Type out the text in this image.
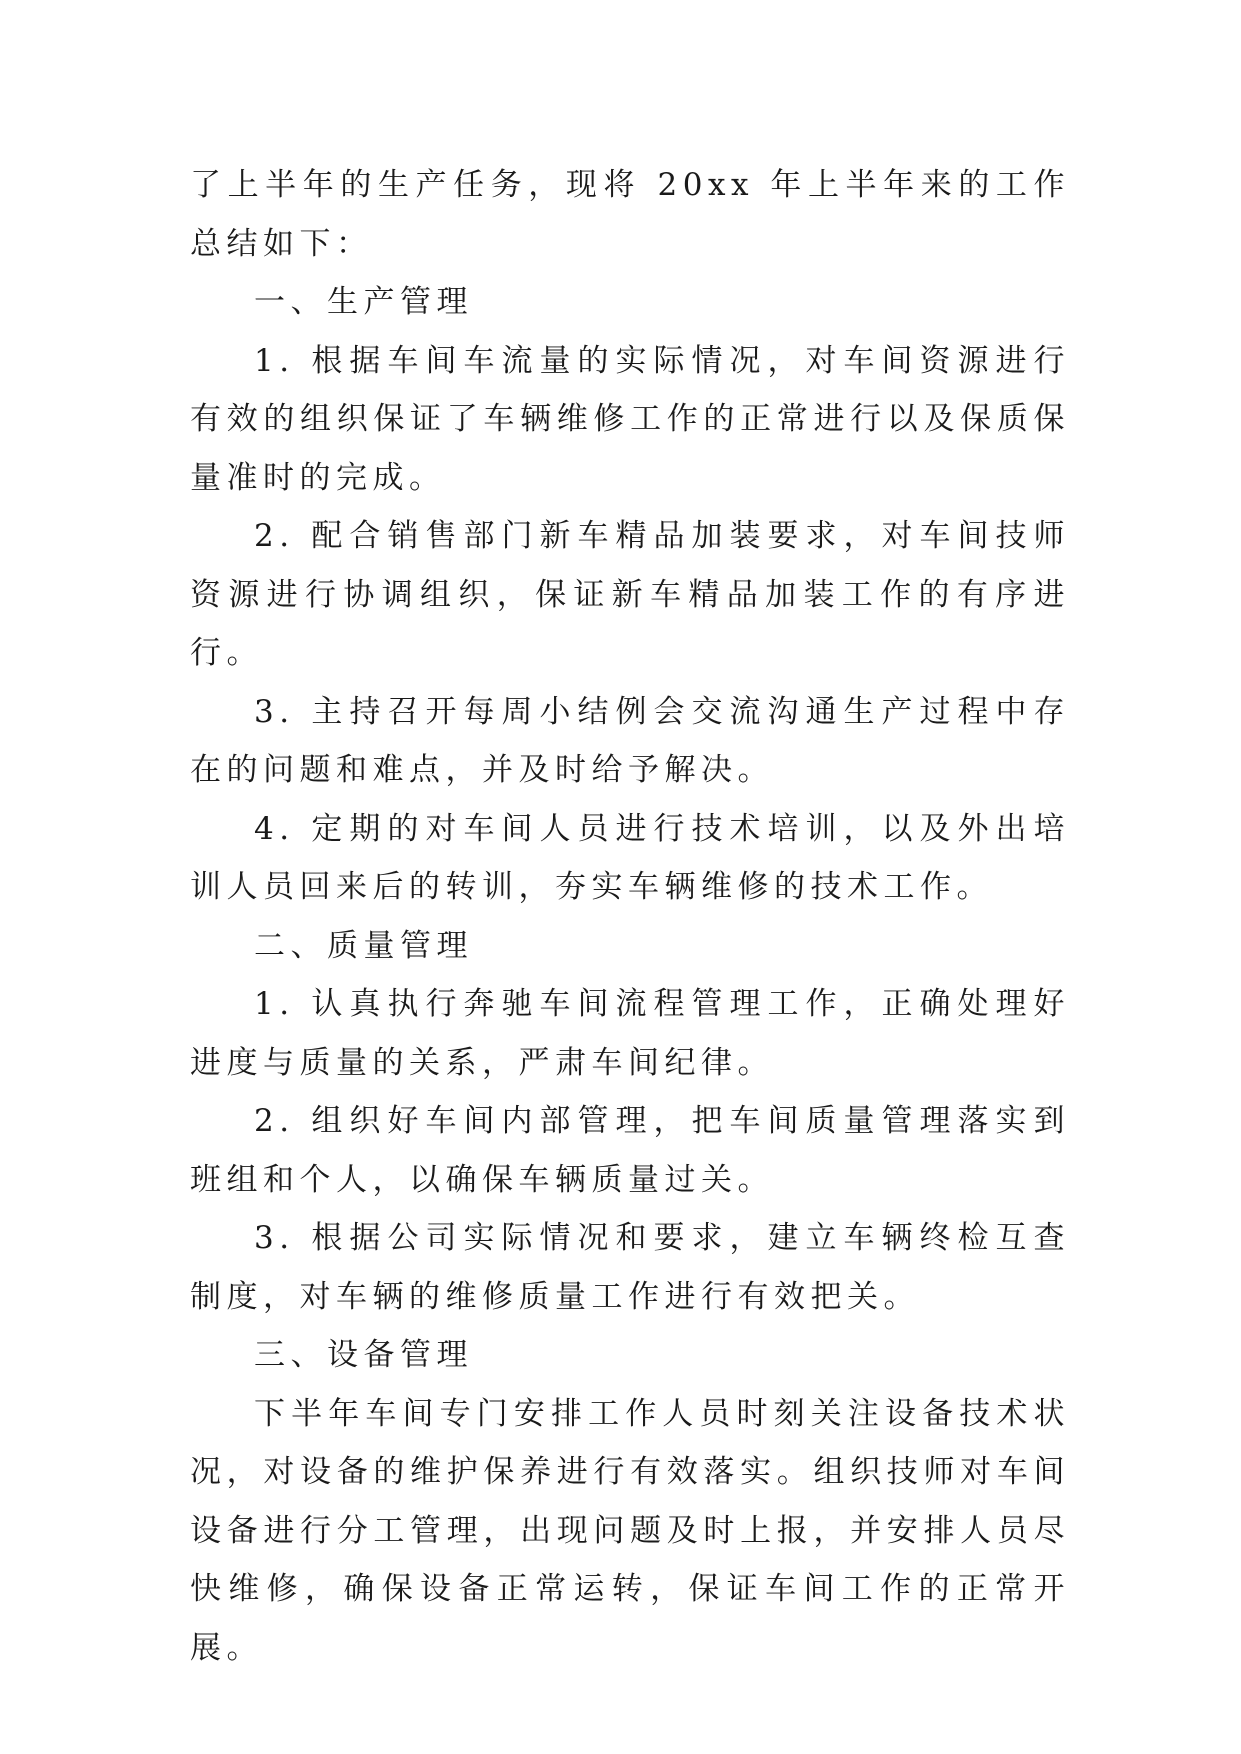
了上半年的生产任务，现将 20xx 年上半年来的工作总结如下：

一、生产管理

1. 根据车间车流量的实际情况，对车间资源进行有效的组织保证了车辆维修工作的正常进行以及保质保量准时的完成。

2. 配合销售部门新车精品加装要求，对车间技师资源进行协调组织，保证新车精品加装工作的有序进行。

3. 主持召开每周小结例会交流沟通生产过程中存在的问题和难点，并及时给予解决。

4. 定期的对车间人员进行技术培训，以及外出培训人员回来后的转训，夯实车辆维修的技术工作。

二、质量管理

1. 认真执行奔驰车间流程管理工作，正确处理好进度与质量的关系，严肃车间纪律。

2. 组织好车间内部管理，把车间质量管理落实到班组和个人，以确保车辆质量过关。

3. 根据公司实际情况和要求，建立车辆终检互查制度，对车辆的维修质量工作进行有效把关。

三、设备管理

下半年车间专门安排工作人员时刻关注设备技术状况，对设备的维护保养进行有效落实。组织技师对车间设备进行分工管理，出现问题及时上报，并安排人员尽快维修，确保设备正常运转，保证车间工作的正常开展。
